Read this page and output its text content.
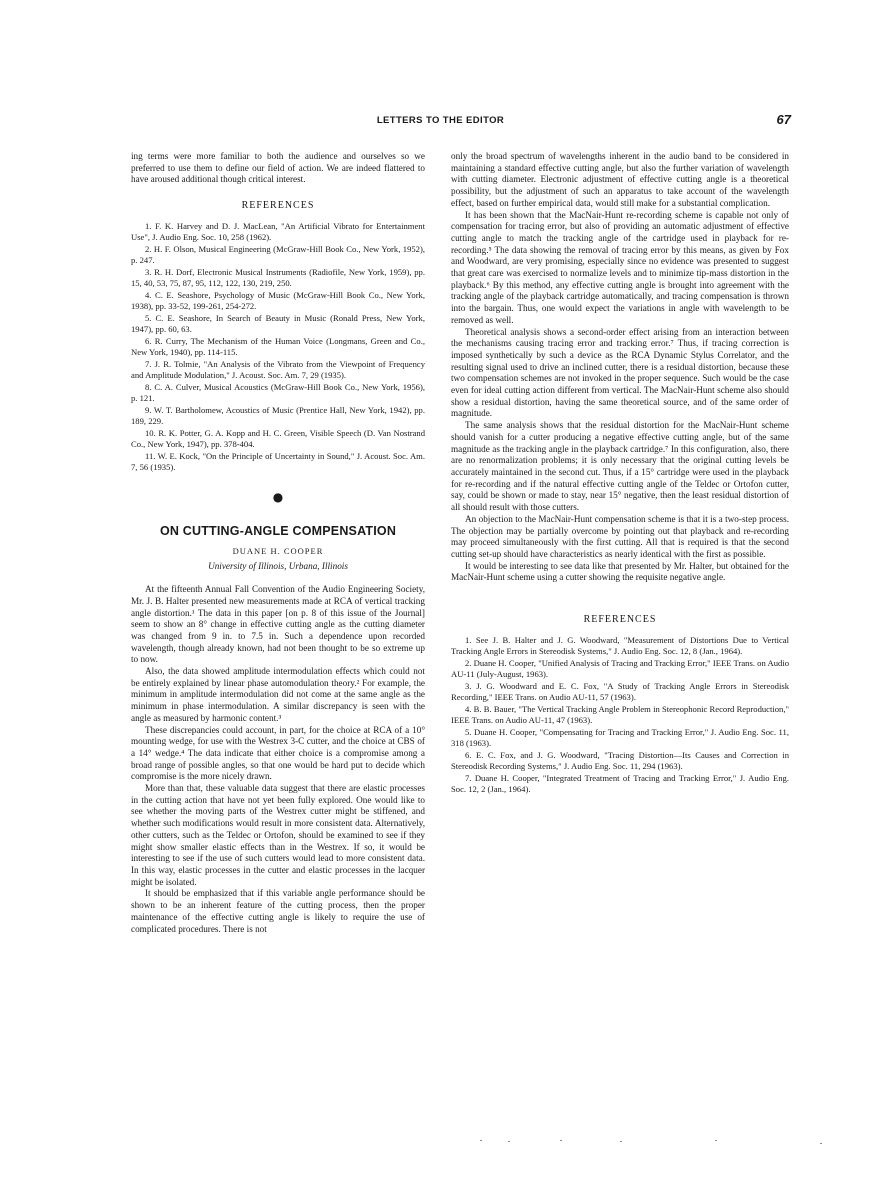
LETTERS TO THE EDITOR	67

ing terms were more familiar to both the audience and ourselves so we preferred to use them to define our field of action. We are indeed flattered to have aroused additional though critical interest.

REFERENCES
1. F. K. Harvey and D. J. MacLean, "An Artificial Vibrato for Entertainment Use", J. Audio Eng. Soc. 10, 258 (1962).
2. H. F. Olson, Musical Engineering (McGraw-Hill Book Co., New York, 1952), p. 247.
3. R. H. Dorf, Electronic Musical Instruments (Radiofile, New York, 1959), pp. 15, 40, 53, 75, 87, 95, 112, 122, 130, 219, 250.
4. C. E. Seashore, Psychology of Music (McGraw-Hill Book Co., New York, 1938), pp. 33-52, 199-261, 254-272.
5. C. E. Seashore, In Search of Beauty in Music (Ronald Press, New York, 1947), pp. 60, 63.
6. R. Curry, The Mechanism of the Human Voice (Longmans, Green and Co., New York, 1940), pp. 114-115.
7. J. R. Tolmie, "An Analysis of the Vibrato from the Viewpoint of Frequency and Amplitude Modulation," J. Acoust. Soc. Am. 7, 29 (1935).
8. C. A. Culver, Musical Acoustics (McGraw-Hill Book Co., New York, 1956), p. 121.
9. W. T. Bartholomew, Acoustics of Music (Prentice Hall, New York, 1942), pp. 189, 229.
10. R. K. Potter, G. A. Kopp and H. C. Green, Visible Speech (D. Van Nostrand Co., New York, 1947), pp. 378-404.
11. W. E. Kock, "On the Principle of Uncertainty in Sound," J. Acoust. Soc. Am. 7, 56 (1935).
●
ON CUTTING-ANGLE COMPENSATION
DUANE H. COOPER
University of Illinois, Urbana, Illinois

At the fifteenth Annual Fall Convention of the Audio Engineering Society, Mr. J. B. Halter presented new measurements made at RCA of vertical tracking angle distortion.¹ The data in this paper [on p. 8 of this issue of the Journal] seem to show an 8° change in effective cutting angle as the cutting diameter was changed from 9 in. to 7.5 in. Such a dependence upon recorded wavelength, though already known, had not been thought to be so extreme up to now.

Also, the data showed amplitude intermodulation effects which could not be entirely explained by linear phase automodulation theory.² For example, the minimum in amplitude intermodulation did not come at the same angle as the minimum in phase intermodulation. A similar discrepancy is seen with the angle as measured by harmonic content.³

These discrepancies could account, in part, for the choice at RCA of a 10° mounting wedge, for use with the Westrex 3-C cutter, and the choice at CBS of a 14° wedge.⁴ The data indicate that either choice is a compromise among a broad range of possible angles, so that one would be hard put to decide which compromise is the more nicely drawn.

More than that, these valuable data suggest that there are elastic processes in the cutting action that have not yet been fully explored. One would like to see whether the moving parts of the Westrex cutter might be stiffened, and whether such modifications would result in more consistent data. Alternatively, other cutters, such as the Teldec or Ortofon, should be examined to see if they might show smaller elastic effects than in the Westrex. If so, it would be interesting to see if the use of such cutters would lead to more consistent data. In this way, elastic processes in the cutter and elastic processes in the lacquer might be isolated.

It should be emphasized that if this variable angle performance should be shown to be an inherent feature of the cutting process, then the proper maintenance of the effective cutting angle is likely to require the use of complicated procedures. There is not

only the broad spectrum of wavelengths inherent in the audio band to be considered in maintaining a standard effective cutting angle, but also the further variation of wavelength with cutting diameter. Electronic adjustment of effective cutting angle is a theoretical possibility, but the adjustment of such an apparatus to take account of the wavelength effect, based on further empirical data, would still make for a substantial complication.

It has been shown that the MacNair-Hunt re-recording scheme is capable not only of compensation for tracing error, but also of providing an automatic adjustment of effective cutting angle to match the tracking angle of the cartridge used in playback for re-recording.⁵ The data showing the removal of tracing error by this means, as given by Fox and Woodward, are very promising, especially since no evidence was presented to suggest that great care was exercised to normalize levels and to minimize tip-mass distortion in the playback.⁶ By this method, any effective cutting angle is brought into agreement with the tracking angle of the playback cartridge automatically, and tracing compensation is thrown into the bargain. Thus, one would expect the variations in angle with wavelength to be removed as well.

Theoretical analysis shows a second-order effect arising from an interaction between the mechanisms causing tracing error and tracking error.⁷ Thus, if tracing correction is imposed synthetically by such a device as the RCA Dynamic Stylus Correlator, and the resulting signal used to drive an inclined cutter, there is a residual distortion, because these two compensation schemes are not invoked in the proper sequence. Such would be the case even for ideal cutting action different from vertical. The MacNair-Hunt scheme also should show a residual distortion, having the same theoretical source, and of the same order of magnitude.

The same analysis shows that the residual distortion for the MacNair-Hunt scheme should vanish for a cutter producing a negative effective cutting angle, but of the same magnitude as the tracking angle in the playback cartridge.⁷ In this configuration, also, there are no renormalization problems; it is only necessary that the original cutting levels be accurately maintained in the second cut. Thus, if a 15° cartridge were used in the playback for re-recording and if the natural effective cutting angle of the Teldec or Ortofon cutter, say, could be shown or made to stay, near 15° negative, then the least residual distortion of all should result with those cutters.

An objection to the MacNair-Hunt compensation scheme is that it is a two-step process. The objection may be partially overcome by pointing out that playback and re-recording may proceed simultaneously with the first cutting. All that is required is that the second cutting set-up should have characteristics as nearly identical with the first as possible.

It would be interesting to see data like that presented by Mr. Halter, but obtained for the MacNair-Hunt scheme using a cutter showing the requisite negative angle.

REFERENCES
1. See J. B. Halter and J. G. Woodward, "Measurement of Distortions Due to Vertical Tracking Angle Errors in Stereodisk Systems," J. Audio Eng. Soc. 12, 8 (Jan., 1964).
2. Duane H. Cooper, "Unified Analysis of Tracing and Tracking Error," IEEE Trans. on Audio AU-11 (July-August, 1963).
3. J. G. Woodward and E. C. Fox, "A Study of Tracking Angle Errors in Stereodisk Recording," IEEE Trans. on Audio AU-11, 57 (1963).
4. B. B. Bauer, "The Vertical Tracking Angle Problem in Stereophonic Record Reproduction," IEEE Trans. on Audio AU-11, 47 (1963).
5. Duane H. Cooper, "Compensating for Tracing and Tracking Error," J. Audio Eng. Soc. 11, 318 (1963).
6. E. C. Fox, and J. G. Woodward, "Tracing Distortion—Its Causes and Correction in Stereodisk Recording Systems," J. Audio Eng. Soc. 11, 294 (1963).
7. Duane H. Cooper, "Integrated Treatment of Tracing and Tracking Error," J. Audio Eng. Soc. 12, 2 (Jan., 1964).
